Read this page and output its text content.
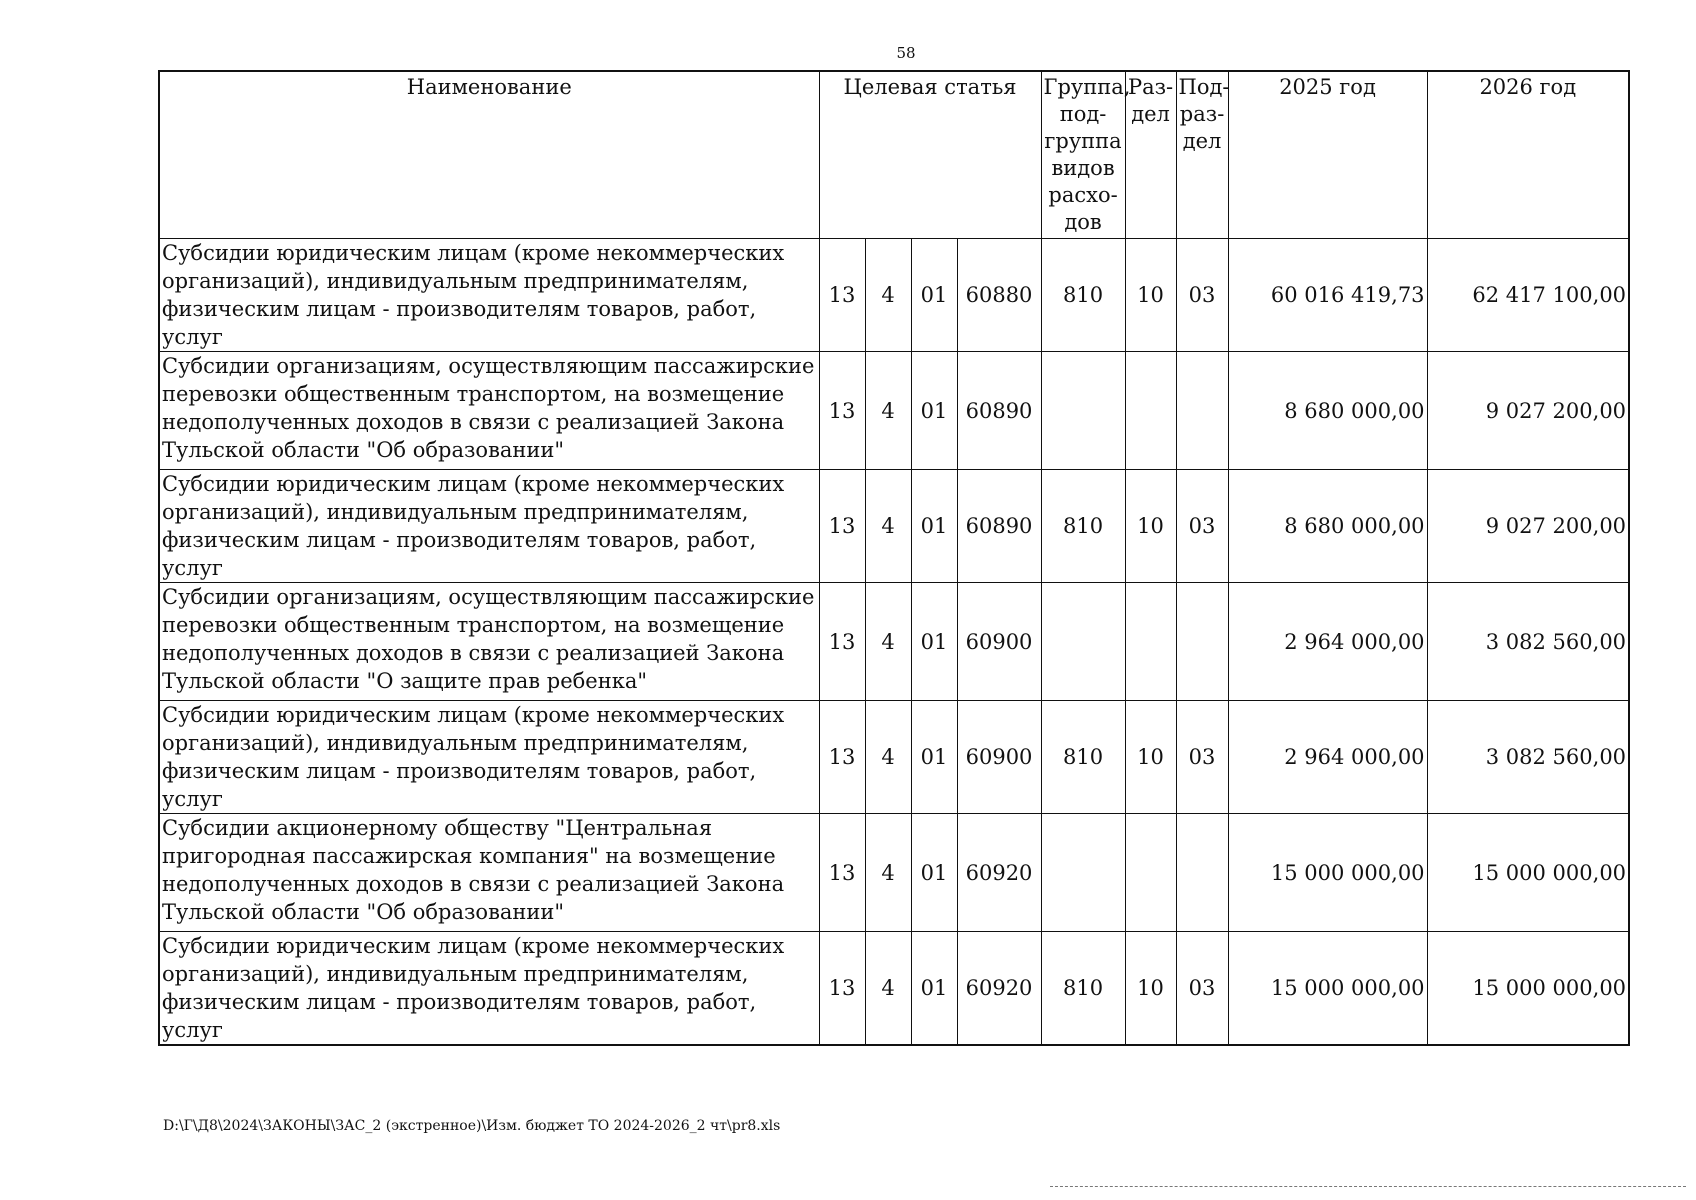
58
Наименование	Целевая статья				Группа, под-группа видов расхо-дов	Раз-дел	Под-раз-дел	2025 год	2026 год
Субсидии юридическим лицам (кроме некоммерческих организаций), индивидуальным предпринимателям, физическим лицам - производителям товаров, работ, услуг	13	4	01	60880	810	10	03	60 016 419,73	62 417 100,00
Субсидии организациям, осуществляющим пассажирские перевозки общественным транспортом, на возмещение недополученных доходов в связи с реализацией Закона Тульской области "Об образовании"	13	4	01	60890				8 680 000,00	9 027 200,00
Субсидии юридическим лицам (кроме некоммерческих организаций), индивидуальным предпринимателям, физическим лицам - производителям товаров, работ, услуг	13	4	01	60890	810	10	03	8 680 000,00	9 027 200,00
Субсидии организациям, осуществляющим пассажирские перевозки общественным транспортом, на возмещение недополученных доходов в связи с реализацией Закона Тульской области "О защите прав ребенка"	13	4	01	60900				2 964 000,00	3 082 560,00
Субсидии юридическим лицам (кроме некоммерческих организаций), индивидуальным предпринимателям, физическим лицам - производителям товаров, работ, услуг	13	4	01	60900	810	10	03	2 964 000,00	3 082 560,00
Субсидии акционерному обществу "Центральная пригородная пассажирская компания" на возмещение недополученных доходов в связи с реализацией Закона Тульской области "Об образовании"	13	4	01	60920				15 000 000,00	15 000 000,00
Субсидии юридическим лицам (кроме некоммерческих организаций), индивидуальным предпринимателям, физическим лицам - производителям товаров, работ, услуг	13	4	01	60920	810	10	03	15 000 000,00	15 000 000,00
D:\Г\Д8\2024\ЗАКОНЫ\ЗАС_2 (экстренное)\Изм. бюджет ТО 2024-2026_2 чт\pr8.xls
